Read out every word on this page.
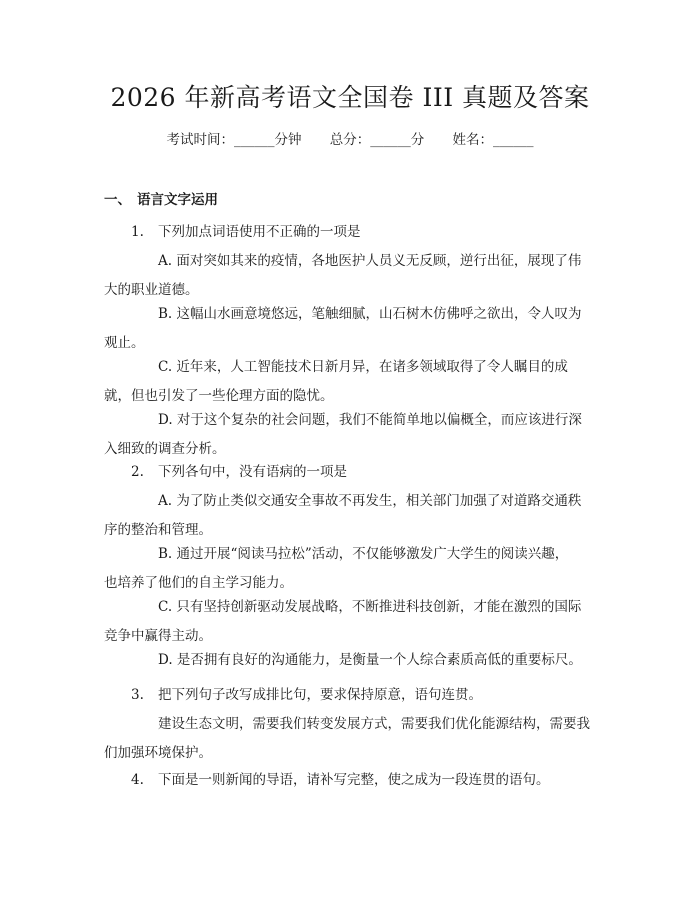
2026 年新高考语文全国卷 III 真题及答案
考试时间：______分钟 总分：______分 姓名：______
一、 语言文字运用
1. 下列加点词语使用不正确的一项是
A. 面对突如其来的疫情，各地医护人员义无反顾，逆行出征，展现了伟
大的职业道德。
B. 这幅山水画意境悠远，笔触细腻，山石树木仿佛呼之欲出，令人叹为
观止。
C. 近年来，人工智能技术日新月异，在诸多领域取得了令人瞩目的成
就，但也引发了一些伦理方面的隐忧。
D. 对于这个复杂的社会问题，我们不能简单地以偏概全，而应该进行深
入细致的调查分析。
2. 下列各句中，没有语病的一项是
A. 为了防止类似交通安全事故不再发生，相关部门加强了对道路交通秩
序的整治和管理。
B. 通过开展“阅读马拉松”活动，不仅能够激发广大学生的阅读兴趣，
也培养了他们的自主学习能力。
C. 只有坚持创新驱动发展战略，不断推进科技创新，才能在激烈的国际
竞争中赢得主动。
D. 是否拥有良好的沟通能力，是衡量一个人综合素质高低的重要标尺。
3. 把下列句子改写成排比句，要求保持原意，语句连贯。
建设生态文明，需要我们转变发展方式，需要我们优化能源结构，需要我
们加强环境保护。
4. 下面是一则新闻的导语，请补写完整，使之成为一段连贯的语句。
